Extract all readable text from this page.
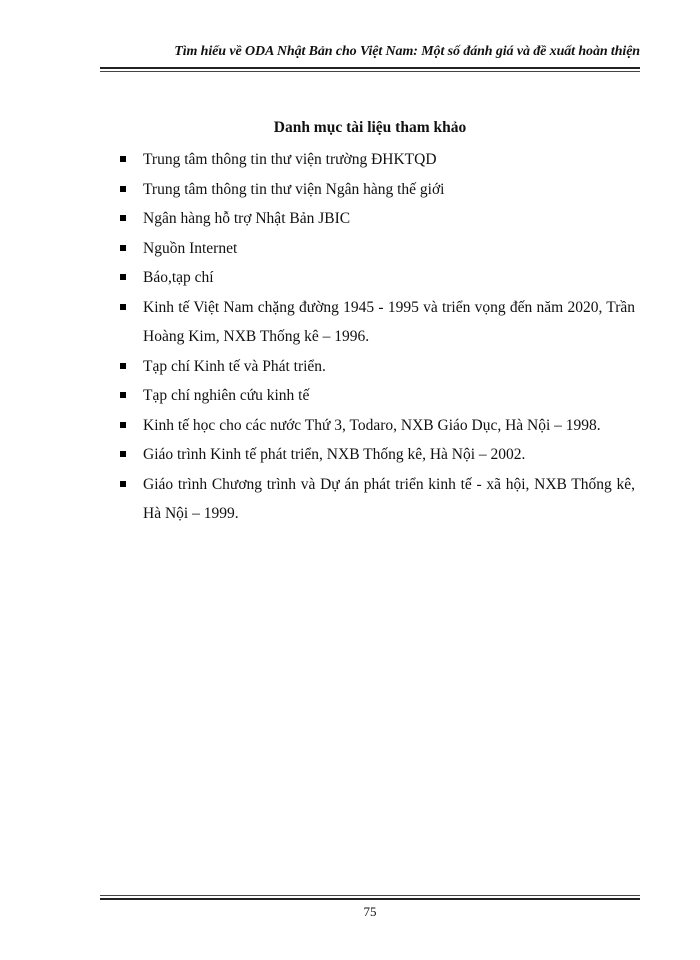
Tìm hiểu về ODA Nhật Bản cho Việt Nam: Một số đánh giá và đề xuất hoàn thiện
Danh mục tài liệu tham khảo
Trung tâm thông tin thư viện trường ĐHKTQD
Trung tâm thông tin thư viện Ngân hàng thế giới
Ngân hàng hỗ trợ Nhật Bản JBIC
Nguồn Internet
Báo,tạp chí
Kinh tế Việt Nam chặng đường 1945 - 1995 và triển vọng đến năm 2020, Trần Hoàng Kim, NXB Thống kê – 1996.
Tạp chí Kinh tế và Phát triển.
Tạp chí nghiên cứu kinh tế
Kinh tế học cho các nước Thứ 3, Todaro, NXB Giáo Dục, Hà Nội – 1998.
Giáo trình Kinh tế phát triển, NXB Thống kê, Hà Nội – 2002.
Giáo trình Chương trình và Dự án phát triển kinh tế - xã hội, NXB Thống kê, Hà Nội – 1999.
75
